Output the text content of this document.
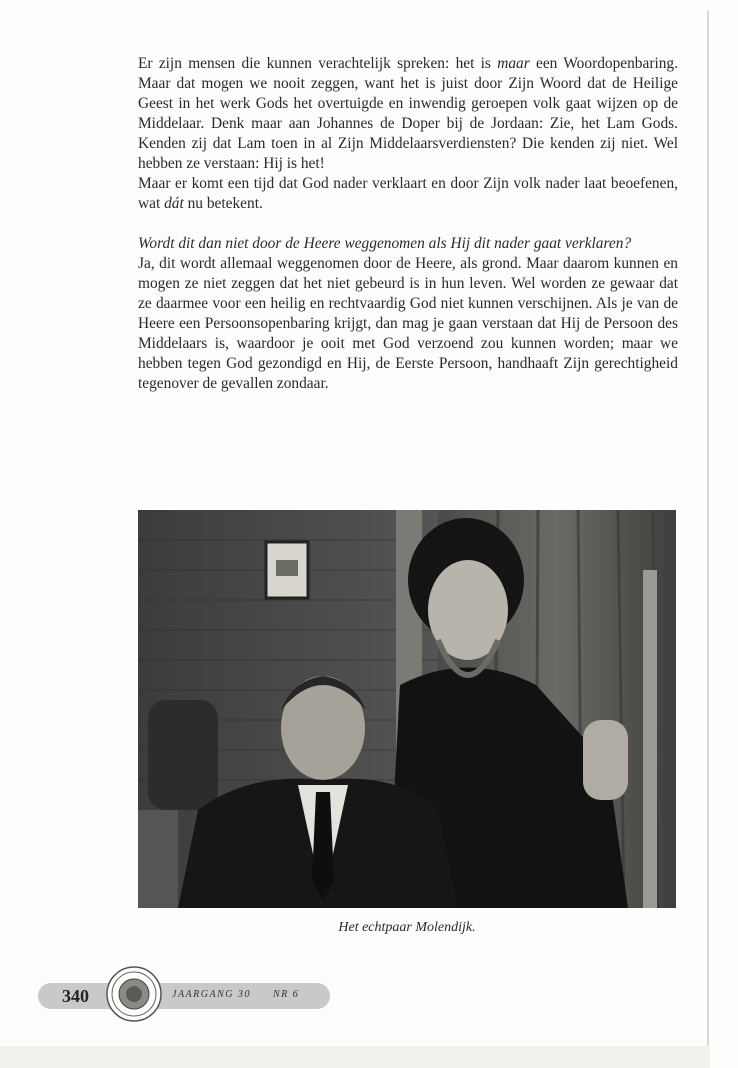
Er zijn mensen die kunnen verachtelijk spreken: het is maar een Woordopenbaring. Maar dat mogen we nooit zeggen, want het is juist door Zijn Woord dat de Heilige Geest in het werk Gods het overtuigde en inwendig geroepen volk gaat wijzen op de Middelaar. Denk maar aan Johannes de Doper bij de Jordaan: Zie, het Lam Gods. Kenden zij dat Lam toen in al Zijn Middelaarsverdiensten? Die kenden zij niet. Wel hebben ze verstaan: Hij is het!

Maar er komt een tijd dat God nader verklaart en door Zijn volk nader laat beoefenen, wat dát nu betekent.

Wordt dit dan niet door de Heere weggenomen als Hij dit nader gaat verklaren?

Ja, dit wordt allemaal weggenomen door de Heere, als grond. Maar daarom kunnen en mogen ze niet zeggen dat het niet gebeurd is in hun leven. Wel worden ze gewaar dat ze daarmee voor een heilig en rechtvaardig God niet kunnen verschijnen. Als je van de Heere een Persoonsopenbaring krijgt, dan mag je gaan verstaan dat Hij de Persoon des Middelaars is, waardoor je ooit met God verzoend zou kunnen worden; maar we hebben tegen God gezondigd en Hij, de Eerste Persoon, handhaaft Zijn gerechtigheid tegenover de gevallen zondaar.

Het echtpaar Molendijk.
340	JAARGANG 30 NR 6
